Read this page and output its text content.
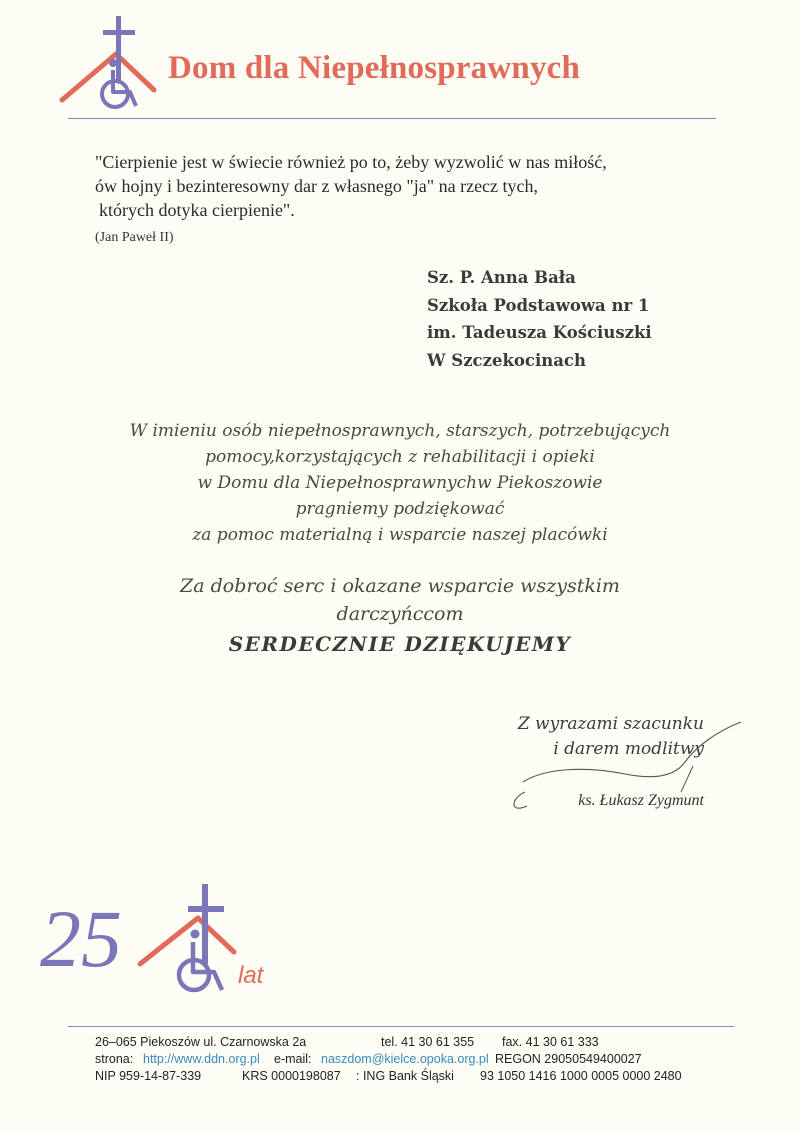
Dom dla Niepełnosprawnych
"Cierpienie jest w świecie również po to, żeby wyzwolić w nas miłość,
ów hojny i bezinteresowny dar z własnego "ja" na rzecz tych,
których dotyka cierpienie".
(Jan Paweł II)
Sz. P. Anna Bała
Szkoła Podstawowa nr 1
im. Tadeusza Kościuszki
W Szczekocinach
W imieniu osób niepełnosprawnych, starszych, potrzebujących
pomocy,korzystających z rehabilitacji i opieki
w Domu dla Niepełnosprawnychw Piekoszowie
pragniemy podziękować
za pomoc materialną i wsparcie naszej placówki
Za dobroć serc i okazane wsparcie wszystkim
darczyńccom
SERDECZNIE DZIĘKUJEMY
Z wyrazami szacunku
i darem modlitwy
ks. Łukasz Zygmunt
25	lat
26–065 Piekoszów ul. Czarnowska 2a	tel. 41 30 61 355 fax. 41 30 61 333
strona: http://www.ddn.org.pl e-mail: naszdom@kielce.opoka.org.pl REGON 29050549400027
NIP 959-14-87-339	KRS 0000198087 : ING Bank Śląski 93 1050 1416 1000 0005 0000 2480
